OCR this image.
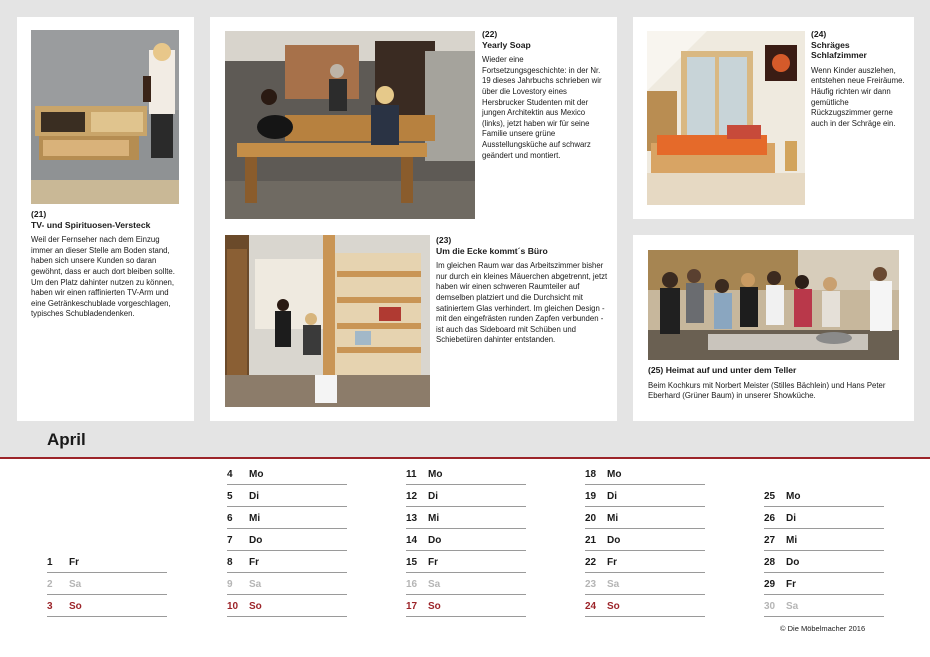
(21)
TV- und Spirituosen-Versteck
Weil der Fernseher nach dem Einzug immer an dieser Stelle am Boden stand, haben sich unsere Kunden so daran gewöhnt, dass er auch dort bleiben sollte. Um den Platz dahinter nutzen zu können, haben wir einen raffinierten TV-Arm und eine Getränkeschublade vorgeschlagen, typisches Schubladendenken.
(22)
Yearly Soap
Wieder eine Fortsetzungsgeschichte: in der Nr. 19 dieses Jahrbuchs schrieben wir über die Lovestory eines Hersbrucker Studenten mit der jungen Architektin aus Mexico (links), jetzt haben wir für seine Familie unsere grüne Ausstellungsküche auf schwarz geändert und montiert.
(23)
Um die Ecke kommt´s Büro
Im gleichen Raum war das Arbeitszimmer bisher nur durch ein kleines Mäuerchen abgetrennt, jetzt haben wir einen schweren Raumteiler auf demselben platziert und die Durchsicht mit satiniertem Glas verhindert. Im gleichen Design - mit den eingefrästen runden Zapfen verbunden - ist auch das Sideboard mit Schüben und Schiebetüren dahinter entstanden.
(24)
Schräges Schlafzimmer
Wenn Kinder auszlehen, entstehen neue Freiräume. Häufig richten wir dann gemütliche Rückzugszimmer gerne auch in der Schräge ein.
(25) Heimat auf und unter dem Teller
Beim Kochkurs mit Norbert Meister (Stilles Bächlein) und Hans Peter Eberhard (Grüner Baum) in unserer Showküche.
April
1 Fr
2 Sa
3 So
4 Mo
5 Di
6 Mi
7 Do
8 Fr
9 Sa
10 So
11 Mo
12 Di
13 Mi
14 Do
15 Fr
16 Sa
17 So
18 Mo
19 Di
20 Mi
21 Do
22 Fr
23 Sa
24 So
25 Mo
26 Di
27 Mi
28 Do
29 Fr
30 Sa
© Die Möbelmacher 2016
